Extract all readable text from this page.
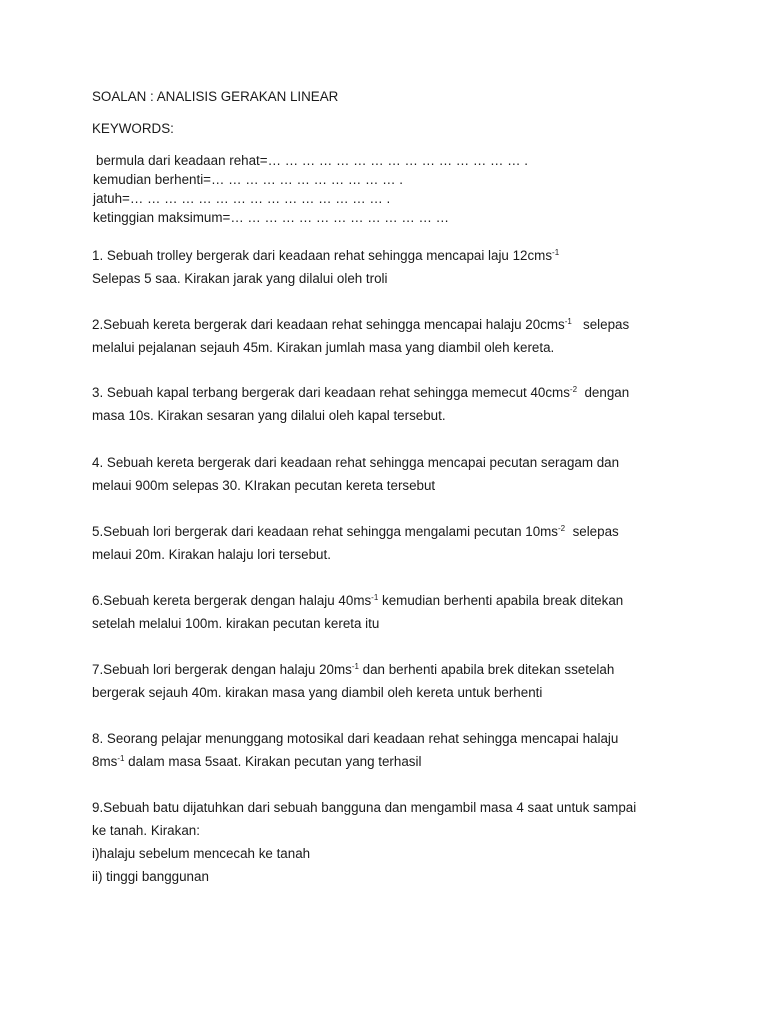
SOALAN : ANALISIS GERAKAN LINEAR
KEYWORDS:
bermula dari keadaan rehat=… … … … … … … … … … … … … … … .
kemudian berhenti=… … … … … … … … … … … .
jatuh=… … … … … … … … … … … … … … … .
ketinggian maksimum=… … … … … … … … … … … … …
1. Sebuah trolley bergerak dari keadaan rehat sehingga mencapai laju 12cms$^{-1}$
Selepas 5 saa. Kirakan jarak yang dilalui oleh troli
2.Sebuah kereta bergerak dari keadaan rehat sehingga mencapai halaju 20cms$^{-1}$   selepas
melalui pejalanan sejauh 45m. Kirakan jumlah masa yang diambil oleh kereta.
3. Sebuah kapal terbang bergerak dari keadaan rehat sehingga memecut 40cms$^{-2}$  dengan
masa 10s. Kirakan sesaran yang dilalui oleh kapal tersebut.
4. Sebuah kereta bergerak dari keadaan rehat sehingga mencapai pecutan seragam dan
melaui 900m selepas 30. KIrakan pecutan kereta tersebut
5.Sebuah lori bergerak dari keadaan rehat sehingga mengalami pecutan $10ms^{-2}$  selepas
melaui 20m. Kirakan halaju lori tersebut.
6.Sebuah kereta bergerak dengan halaju $40ms^{-1}$ kemudian berhenti apabila break ditekan
setelah melalui 100m. kirakan pecutan kereta itu
7.Sebuah lori bergerak dengan halaju $20ms^{-1}$ dan berhenti apabila brek ditekan ssetelah
bergerak sejauh 40m. kirakan masa yang diambil oleh kereta untuk berhenti
8. Seorang pelajar menunggang motosikal dari keadaan rehat sehingga mencapai halaju
$8ms^{-1}$ dalam masa 5saat. Kirakan pecutan yang terhasil
9.Sebuah batu dijatuhkan dari sebuah bangguna dan mengambil masa 4 saat untuk sampai
ke tanah. Kirakan:
i)halaju sebelum mencecah ke tanah
ii) tinggi banggunan
